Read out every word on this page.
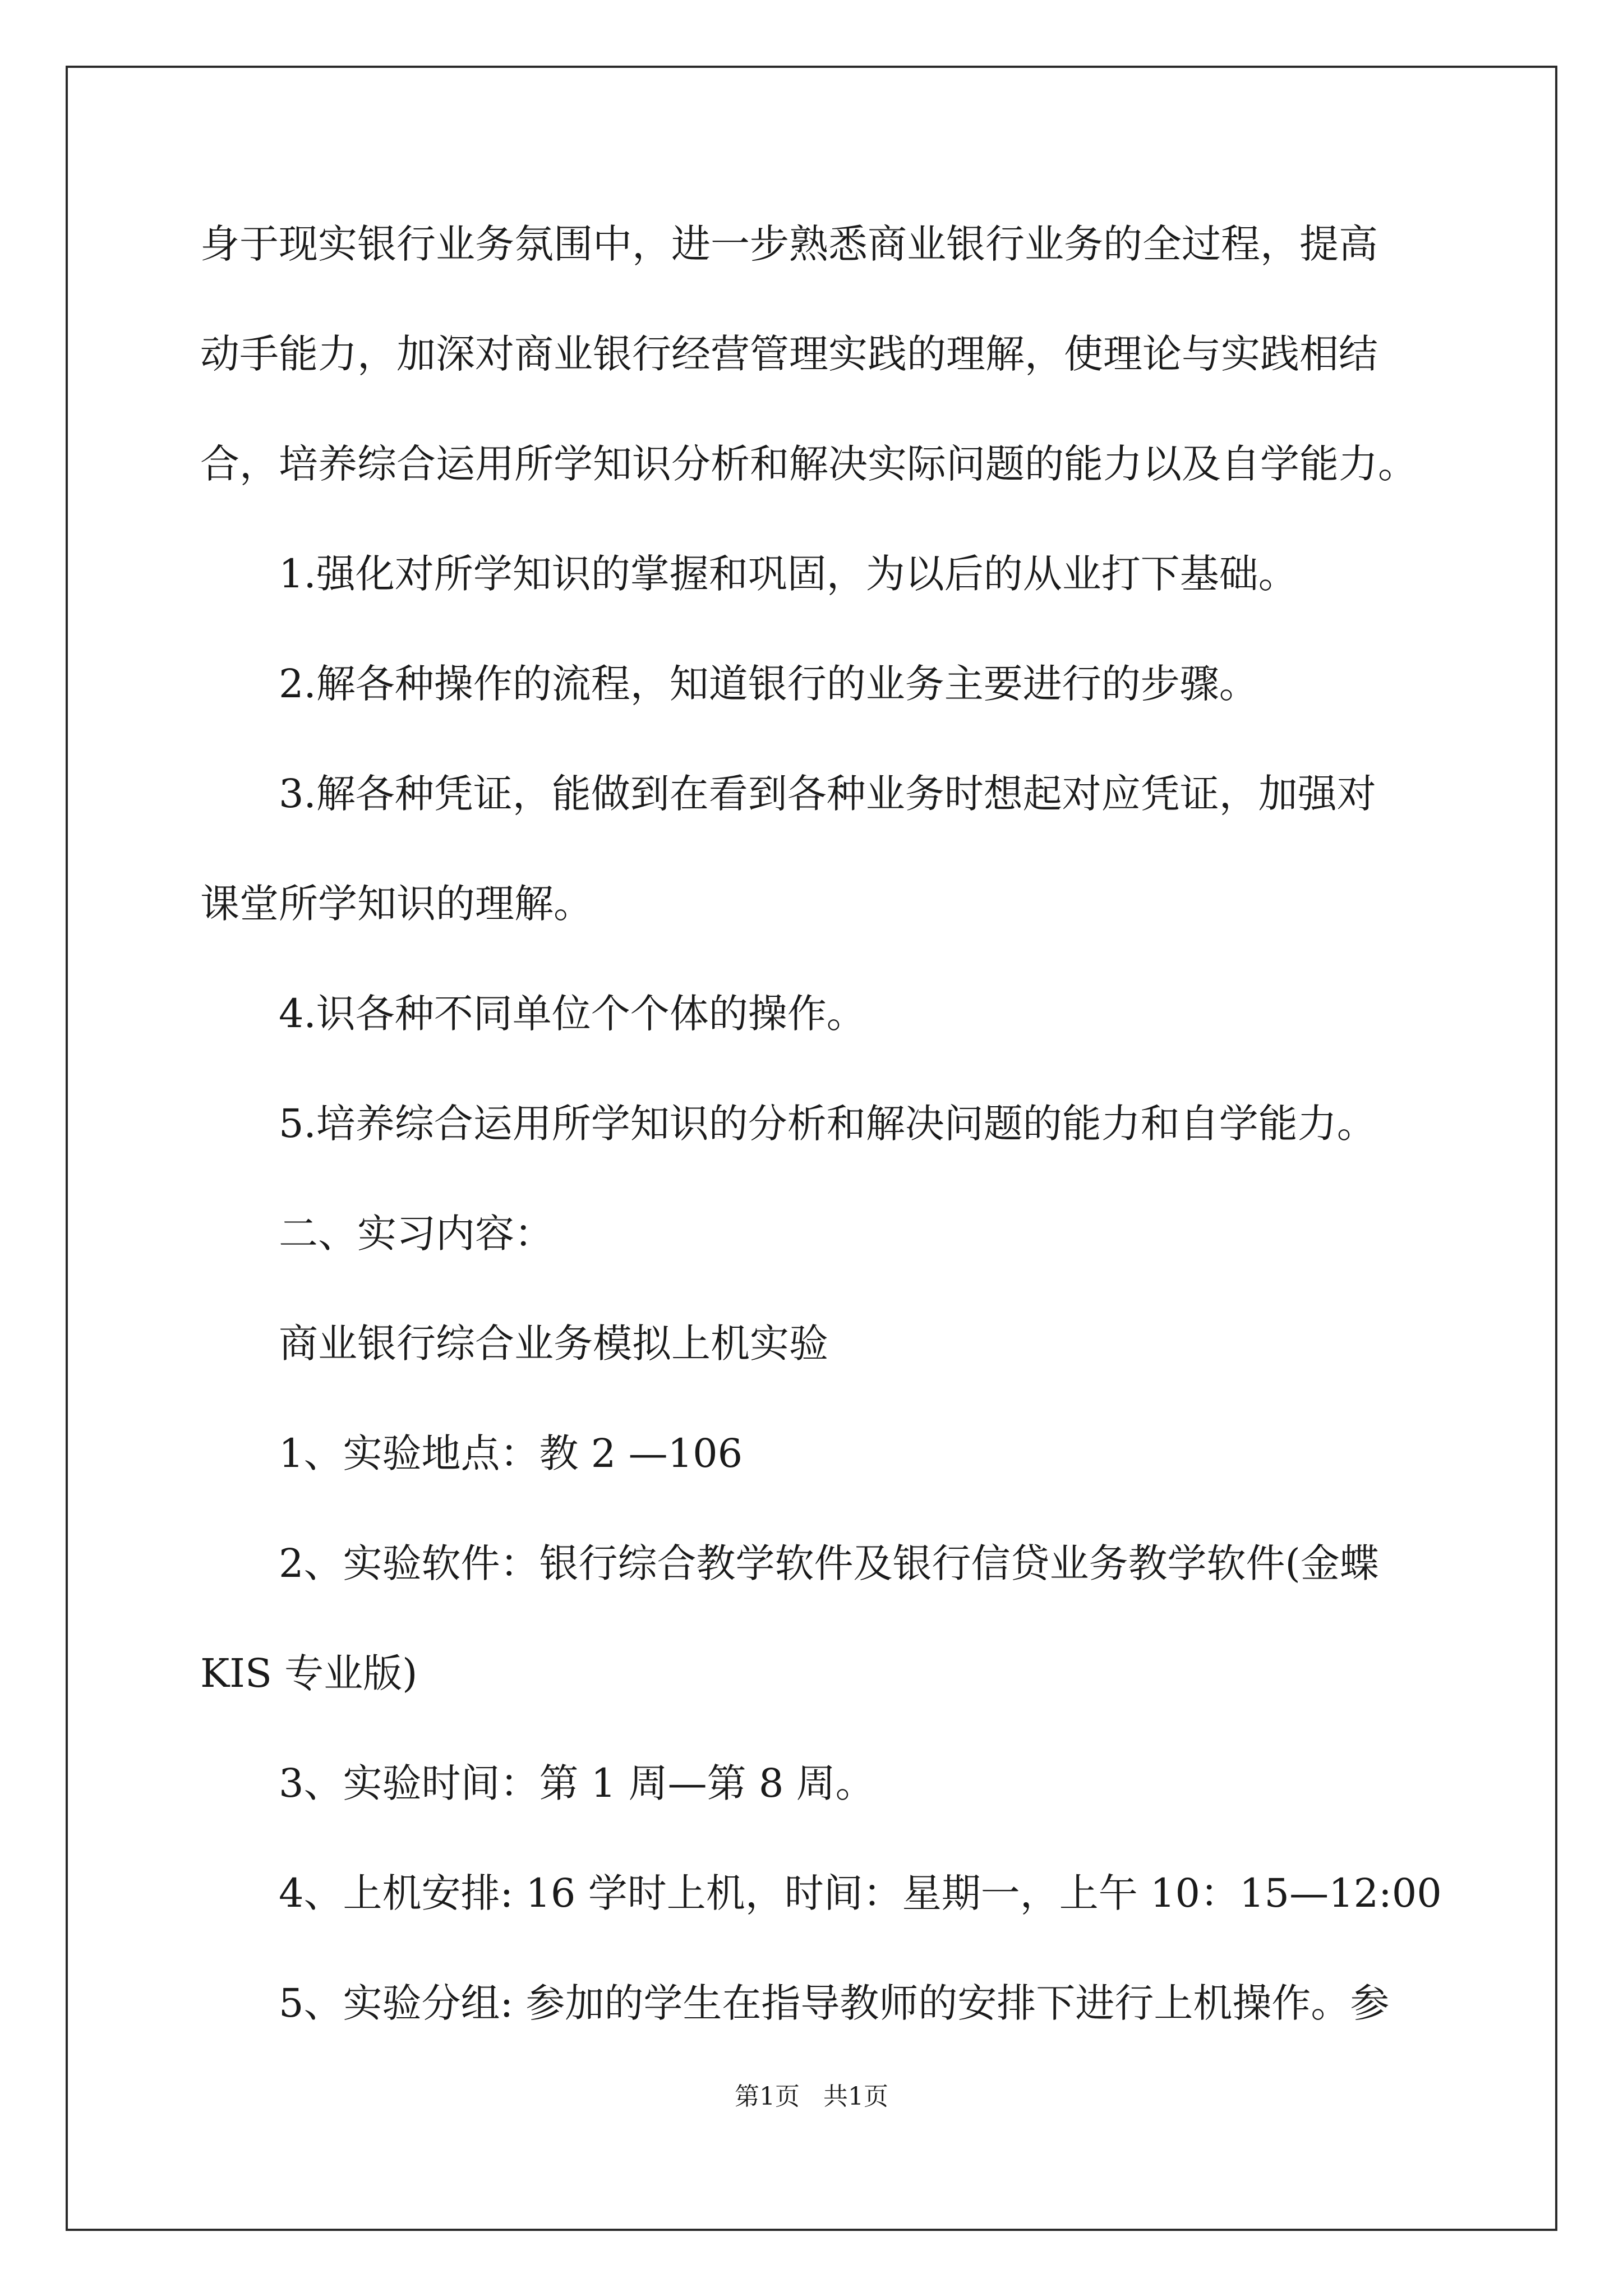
身于现实银行业务氛围中，进一步熟悉商业银行业务的全过程，提高
动手能力，加深对商业银行经营管理实践的理解，使理论与实践相结
合，培养综合运用所学知识分析和解决实际问题的能力以及自学能力。
1.强化对所学知识的掌握和巩固，为以后的从业打下基础。
2.解各种操作的流程，知道银行的业务主要进行的步骤。
3.解各种凭证，能做到在看到各种业务时想起对应凭证，加强对
课堂所学知识的理解。
4.识各种不同单位个个体的操作。
5.培养综合运用所学知识的分析和解决问题的能力和自学能力。
二、实习内容：
商业银行综合业务模拟上机实验
1、实验地点：教 2 —106
2、实验软件：银行综合教学软件及银行信贷业务教学软件(金蝶
KIS 专业版)
3、实验时间：第 1 周—第 8 周。
4、上机安排: 16 学时上机，时间：星期一，上午 10：15—12:00
5、实验分组: 参加的学生在指导教师的安排下进行上机操作。参
第1页   共1页
